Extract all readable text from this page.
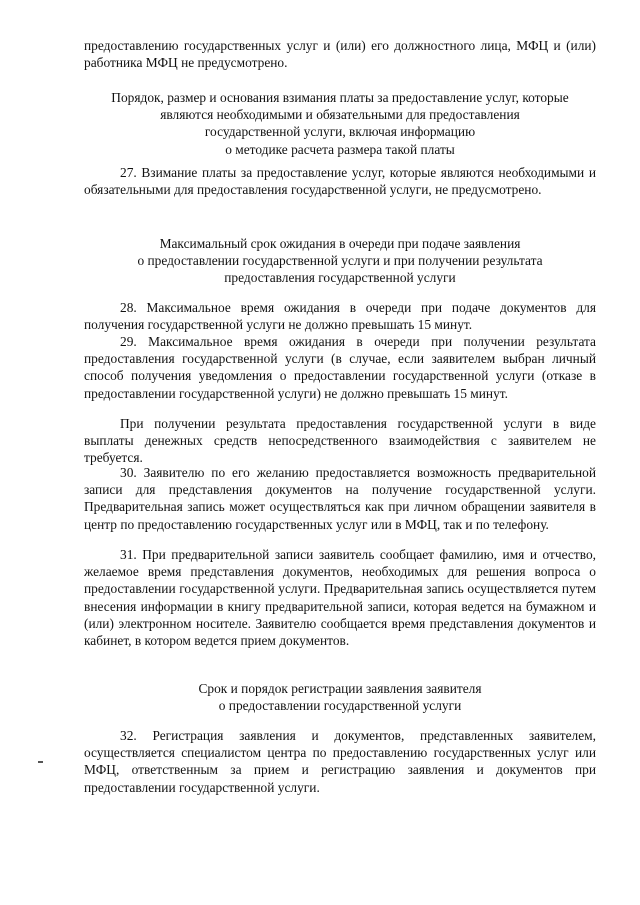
предоставлению государственных услуг и (или) его должностного лица, МФЦ и (или) работника МФЦ не предусмотрено.

Порядок, размер и основания взимания платы за предоставление услуг, которые
являются необходимыми и обязательными для предоставления
государственной услуги, включая информацию
о методике расчета размера такой платы

27. Взимание платы за предоставление услуг, которые являются необходимыми и обязательными для предоставления государственной услуги, не предусмотрено.

Максимальный срок ожидания в очереди при подаче заявления
о предоставлении государственной услуги и при получении результата
предоставления государственной услуги

28. Максимальное время ожидания в очереди при подаче документов для получения государственной услуги не должно превышать 15 минут.

29. Максимальное время ожидания в очереди при получении результата предоставления государственной услуги (в случае, если заявителем выбран личный способ получения уведомления о предоставлении государственной услуги (отказе в предоставлении государственной услуги) не должно превышать 15 минут.

При получении результата предоставления государственной услуги в виде выплаты денежных средств непосредственного взаимодействия с заявителем не требуется.

30. Заявителю по его желанию предоставляется возможность предварительной записи для представления документов на получение государственной услуги. Предварительная запись может осуществляться как при личном обращении заявителя в центр по предоставлению государственных услуг или в МФЦ, так и по телефону.

31. При предварительной записи заявитель сообщает фамилию, имя и отчество, желаемое время представления документов, необходимых для решения вопроса о предоставлении государственной услуги. Предварительная запись осуществляется путем внесения информации в книгу предварительной записи, которая ведется на бумажном и (или) электронном носителе. Заявителю сообщается время представления документов и кабинет, в котором ведется прием документов.

Срок и порядок регистрации заявления заявителя
о предоставлении государственной услуги

32. Регистрация заявления и документов, представленных заявителем, осуществляется специалистом центра по предоставлению государственных услуг или МФЦ, ответственным за прием и регистрацию заявления и документов при предоставлении государственной услуги.
